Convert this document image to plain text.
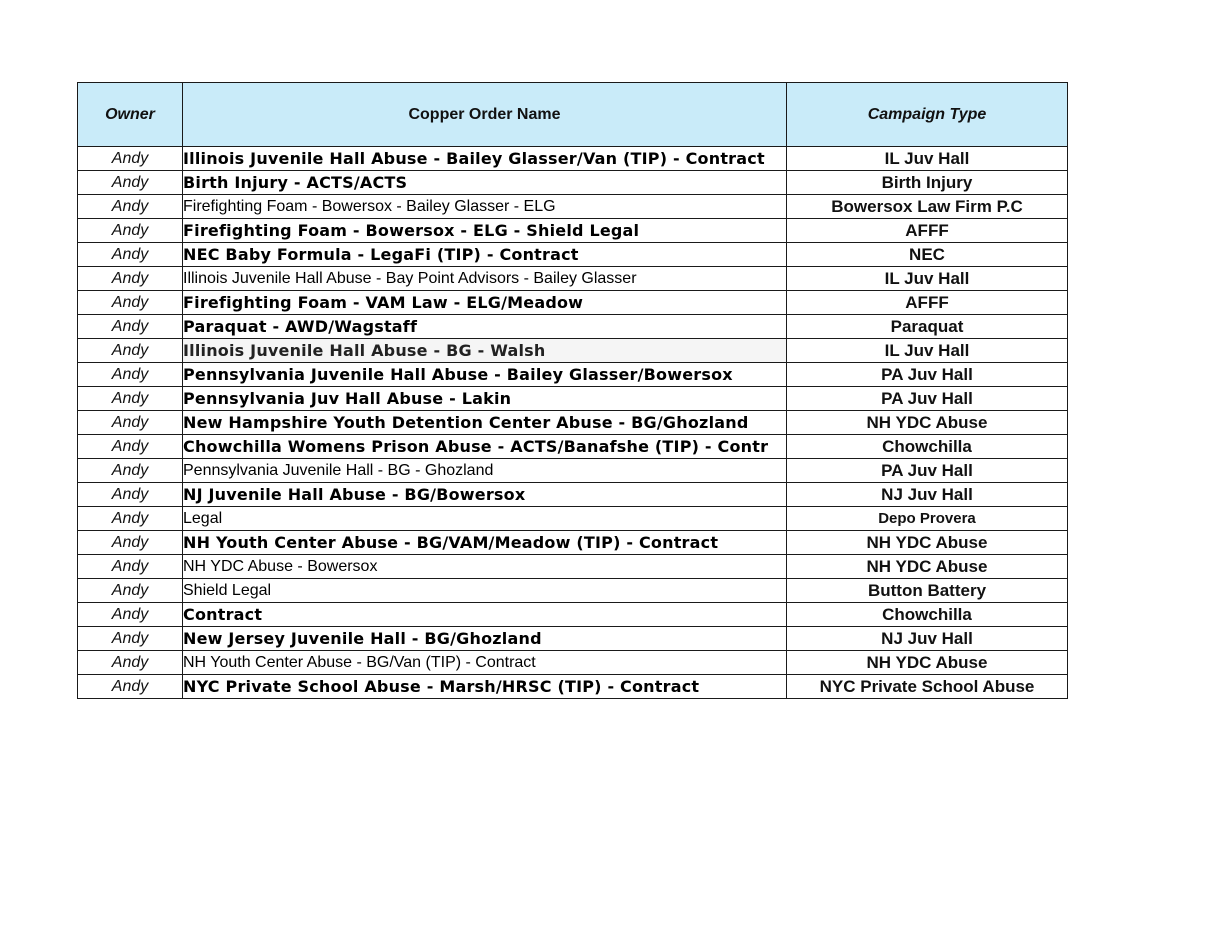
Owner	Copper Order Name	Campaign Type
Andy	Illinois Juvenile Hall Abuse - Bailey Glasser/Van (TIP) - Contract	IL Juv Hall
Andy	Birth Injury - ACTS/ACTS	Birth Injury
Andy	Firefighting Foam - Bowersox - Bailey Glasser - ELG	Bowersox Law Firm P.C
Andy	Firefighting Foam - Bowersox - ELG - Shield Legal	AFFF
Andy	NEC Baby Formula - LegaFi (TIP) - Contract	NEC
Andy	Illinois Juvenile Hall Abuse - Bay Point Advisors - Bailey Glasser	IL Juv Hall
Andy	Firefighting Foam - VAM Law - ELG/Meadow	AFFF
Andy	Paraquat - AWD/Wagstaff	Paraquat
Andy	Illinois Juvenile Hall Abuse - BG - Walsh	IL Juv Hall
Andy	Pennsylvania Juvenile Hall Abuse - Bailey Glasser/Bowersox	PA Juv Hall
Andy	Pennsylvania Juv Hall Abuse - Lakin	PA Juv Hall
Andy	New Hampshire Youth Detention Center Abuse - BG/Ghozland	NH YDC Abuse
Andy	Chowchilla Womens Prison Abuse - ACTS/Banafshe (TIP) - Contr	Chowchilla
Andy	Pennsylvania Juvenile Hall - BG - Ghozland	PA Juv Hall
Andy	NJ Juvenile Hall Abuse - BG/Bowersox	NJ Juv Hall
Andy	Legal	Depo Provera
Andy	NH Youth Center Abuse - BG/VAM/Meadow (TIP) - Contract	NH YDC Abuse
Andy	NH YDC Abuse - Bowersox	NH YDC Abuse
Andy	Shield Legal	Button Battery
Andy	Contract	Chowchilla
Andy	New Jersey Juvenile Hall - BG/Ghozland	NJ Juv Hall
Andy	NH Youth Center Abuse - BG/Van (TIP) - Contract	NH YDC Abuse
Andy	NYC Private School Abuse - Marsh/HRSC (TIP) - Contract	NYC Private School Abuse
